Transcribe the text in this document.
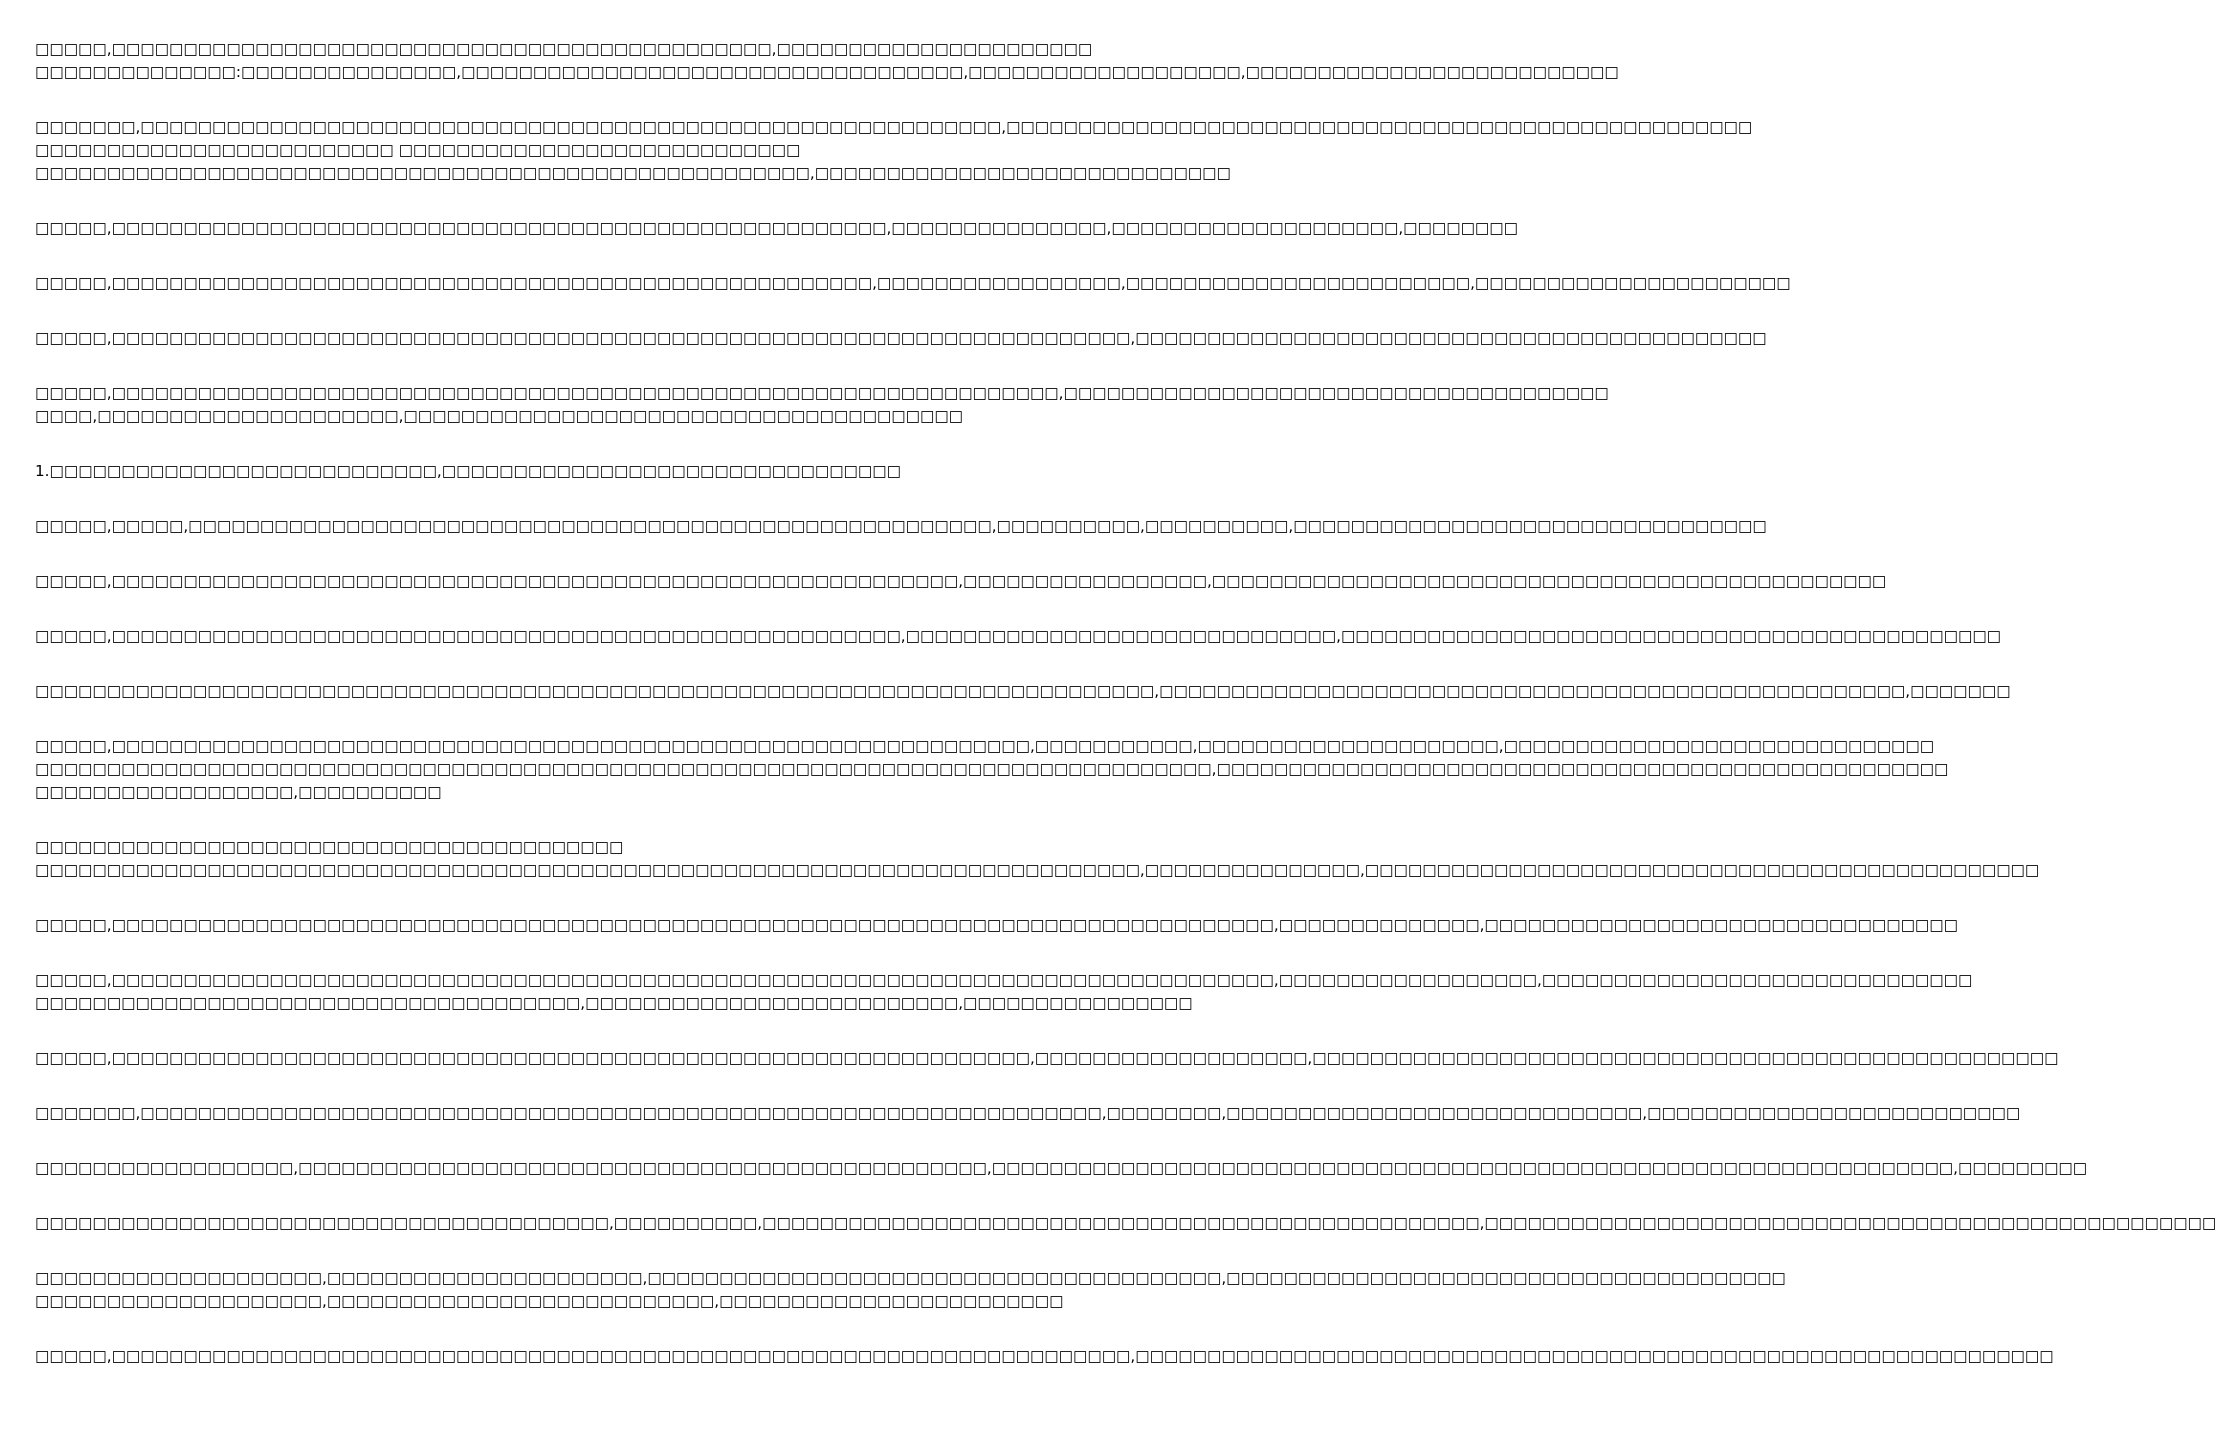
□□□□□,□□□□□□□□□□□□□□□□□□□□□□□□□□□□□□□□□□□□□□□□□□□□□□,□□□□□□□□□□□□□□□□□□□□□□
□□□□□□□□□□□□□□:□□□□□□□□□□□□□□□,□□□□□□□□□□□□□□□□□□□□□□□□□□□□□□□□□□□,□□□□□□□□□□□□□□□□□□□,□□□□□□□□□□□□□□□□□□□□□□□□□□
□□□□□□□,□□□□□□□□□□□□□□□□□□□□□□□□□□□□□□□□□□□□□□□□□□□□□□□□□□□□□□□□□□□□,□□□□□□□□□□□□□□□□□□□□□□□□□□□□□□□□□□□□□□□□□□□□□□□□□□□□
□□□□□□□□□□□□□□□□□□□□□□□□□ □□□□□□□□□□□□□□□□□□□□□□□□□□□□
□□□□□□□□□□□□□□□□□□□□□□□□□□□□□□□□□□□□□□□□□□□□□□□□□□□□□□,□□□□□□□□□□□□□□□□□□□□□□□□□□□□□
□□□□□,□□□□□□□□□□□□□□□□□□□□□□□□□□□□□□□□□□□□□□□□□□□□□□□□□□□□□□,□□□□□□□□□□□□□□□,□□□□□□□□□□□□□□□□□□□□,□□□□□□□□
□□□□□,□□□□□□□□□□□□□□□□□□□□□□□□□□□□□□□□□□□□□□□□□□□□□□□□□□□□□,□□□□□□□□□□□□□□□□□,□□□□□□□□□□□□□□□□□□□□□□□□,□□□□□□□□□□□□□□□□□□□□□□
□□□□□,□□□□□□□□□□□□□□□□□□□□□□□□□□□□□□□□□□□□□□□□□□□□□□□□□□□□□□□□□□□□□□□□□□□□□□□,□□□□□□□□□□□□□□□□□□□□□□□□□□□□□□□□□□□□□□□□□□□□
□□□□□,□□□□□□□□□□□□□□□□□□□□□□□□□□□□□□□□□□□□□□□□□□□□□□□□□□□□□□□□□□□□□□□□□□,□□□□□□□□□□□□□□□□□□□□□□□□□□□□□□□□□□□□□□
□□□□,□□□□□□□□□□□□□□□□□□□□□,□□□□□□□□□□□□□□□□□□□□□□□□□□□□□□□□□□□□□□□
1.□□□□□□□□□□□□□□□□□□□□□□□□□□□,□□□□□□□□□□□□□□□□□□□□□□□□□□□□□□□□
□□□□□,□□□□□,□□□□□□□□□□□□□□□□□□□□□□□□□□□□□□□□□□□□□□□□□□□□□□□□□□□□□□□□,□□□□□□□□□□,□□□□□□□□□□,□□□□□□□□□□□□□□□□□□□□□□□□□□□□□□□□□
□□□□□,□□□□□□□□□□□□□□□□□□□□□□□□□□□□□□□□□□□□□□□□□□□□□□□□□□□□□□□□□□□,□□□□□□□□□□□□□□□□□,□□□□□□□□□□□□□□□□□□□□□□□□□□□□□□□□□□□□□□□□□□□□□□□
□□□□□,□□□□□□□□□□□□□□□□□□□□□□□□□□□□□□□□□□□□□□□□□□□□□□□□□□□□□□□,□□□□□□□□□□□□□□□□□□□□□□□□□□□□□□,□□□□□□□□□□□□□□□□□□□□□□□□□□□□□□□□□□□□□□□□□□□□□□
□□□□□□□□□□□□□□□□□□□□□□□□□□□□□□□□□□□□□□□□□□□□□□□□□□□□□□□□□□□□□□□□□□□□□□□□□□□□□□,□□□□□□□□□□□□□□□□□□□□□□□□□□□□□□□□□□□□□□□□□□□□□□□□□□□□,□□□□□□□
□□□□□,□□□□□□□□□□□□□□□□□□□□□□□□□□□□□□□□□□□□□□□□□□□□□□□□□□□□□□□□□□□□□□□□,□□□□□□□□□□□,□□□□□□□□□□□□□□□□□□□□□,□□□□□□□□□□□□□□□□□□□□□□□□□□□□□□
□□□□□□□□□□□□□□□□□□□□□□□□□□□□□□□□□□□□□□□□□□□□□□□□□□□□□□□□□□□□□□□□□□□□□□□□□□□□□□□□□□,□□□□□□□□□□□□□□□□□□□□□□□□□□□□□□□□□□□□□□□□□□□□□□□□□□□
□□□□□□□□□□□□□□□□□□,□□□□□□□□□□
□□□□□□□□□□□□□□□□□□□□□□□□□□□□□□□□□□□□□□□□□
□□□□□□□□□□□□□□□□□□□□□□□□□□□□□□□□□□□□□□□□□□□□□□□□□□□□□□□□□□□□□□□□□□□□□□□□□□□□□,□□□□□□□□□□□□□□□,□□□□□□□□□□□□□□□□□□□□□□□□□□□□□□□□□□□□□□□□□□□□□□□
□□□□□,□□□□□□□□□□□□□□□□□□□□□□□□□□□□□□□□□□□□□□□□□□□□□□□□□□□□□□□□□□□□□□□□□□□□□□□□□□□□□□□□□,□□□□□□□□□□□□□□,□□□□□□□□□□□□□□□□□□□□□□□□□□□□□□□□□
□□□□□,□□□□□□□□□□□□□□□□□□□□□□□□□□□□□□□□□□□□□□□□□□□□□□□□□□□□□□□□□□□□□□□□□□□□□□□□□□□□□□□□□,□□□□□□□□□□□□□□□□□□,□□□□□□□□□□□□□□□□□□□□□□□□□□□□□□
□□□□□□□□□□□□□□□□□□□□□□□□□□□□□□□□□□□□□□,□□□□□□□□□□□□□□□□□□□□□□□□□□,□□□□□□□□□□□□□□□□
□□□□□,□□□□□□□□□□□□□□□□□□□□□□□□□□□□□□□□□□□□□□□□□□□□□□□□□□□□□□□□□□□□□□□□,□□□□□□□□□□□□□□□□□□□,□□□□□□□□□□□□□□□□□□□□□□□□□□□□□□□□□□□□□□□□□□□□□□□□□□□□
□□□□□□□,□□□□□□□□□□□□□□□□□□□□□□□□□□□□□□□□□□□□□□□□□□□□□□□□□□□□□□□□□□□□□□□□□□□,□□□□□□□□,□□□□□□□□□□□□□□□□□□□□□□□□□□□□□,□□□□□□□□□□□□□□□□□□□□□□□□□□
□□□□□□□□□□□□□□□□□□,□□□□□□□□□□□□□□□□□□□□□□□□□□□□□□□□□□□□□□□□□□□□□□□□,□□□□□□□□□□□□□□□□□□□□□□□□□□□□□□□□□□□□□□□□□□□□□□□□□□□□□□□□□□□□□□□□□□□,□□□□□□□□□
□□□□□□□□□□□□□□□□□□□□□□□□□□□□□□□□□□□□□□□□,□□□□□□□□□□,□□□□□□□□□□□□□□□□□□□□□□□□□□□□□□□□□□□□□□□□□□□□□□□□□□,□□□□□□□□□□□□□□□□□□□□□□□□□□□□□□□□□□□□□□□□□□□□□□□□□□□
□□□□□□□□□□□□□□□□□□□□,□□□□□□□□□□□□□□□□□□□□□□,□□□□□□□□□□□□□□□□□□□□□□□□□□□□□□□□□□□□□□□□,□□□□□□□□□□□□□□□□□□□□□□□□□□□□□□□□□□□□□□□
□□□□□□□□□□□□□□□□□□□□,□□□□□□□□□□□□□□□□□□□□□□□□□□□,□□□□□□□□□□□□□□□□□□□□□□□□
□□□□□,□□□□□□□□□□□□□□□□□□□□□□□□□□□□□□□□□□□□□□□□□□□□□□□□□□□□□□□□□□□□□□□□□□□□□□□,□□□□□□□□□□□□□□□□□□□□□□□□□□□□□□□□□□□□□□□□□□□□□□□□□□□□□□□□□□□□□□□□
